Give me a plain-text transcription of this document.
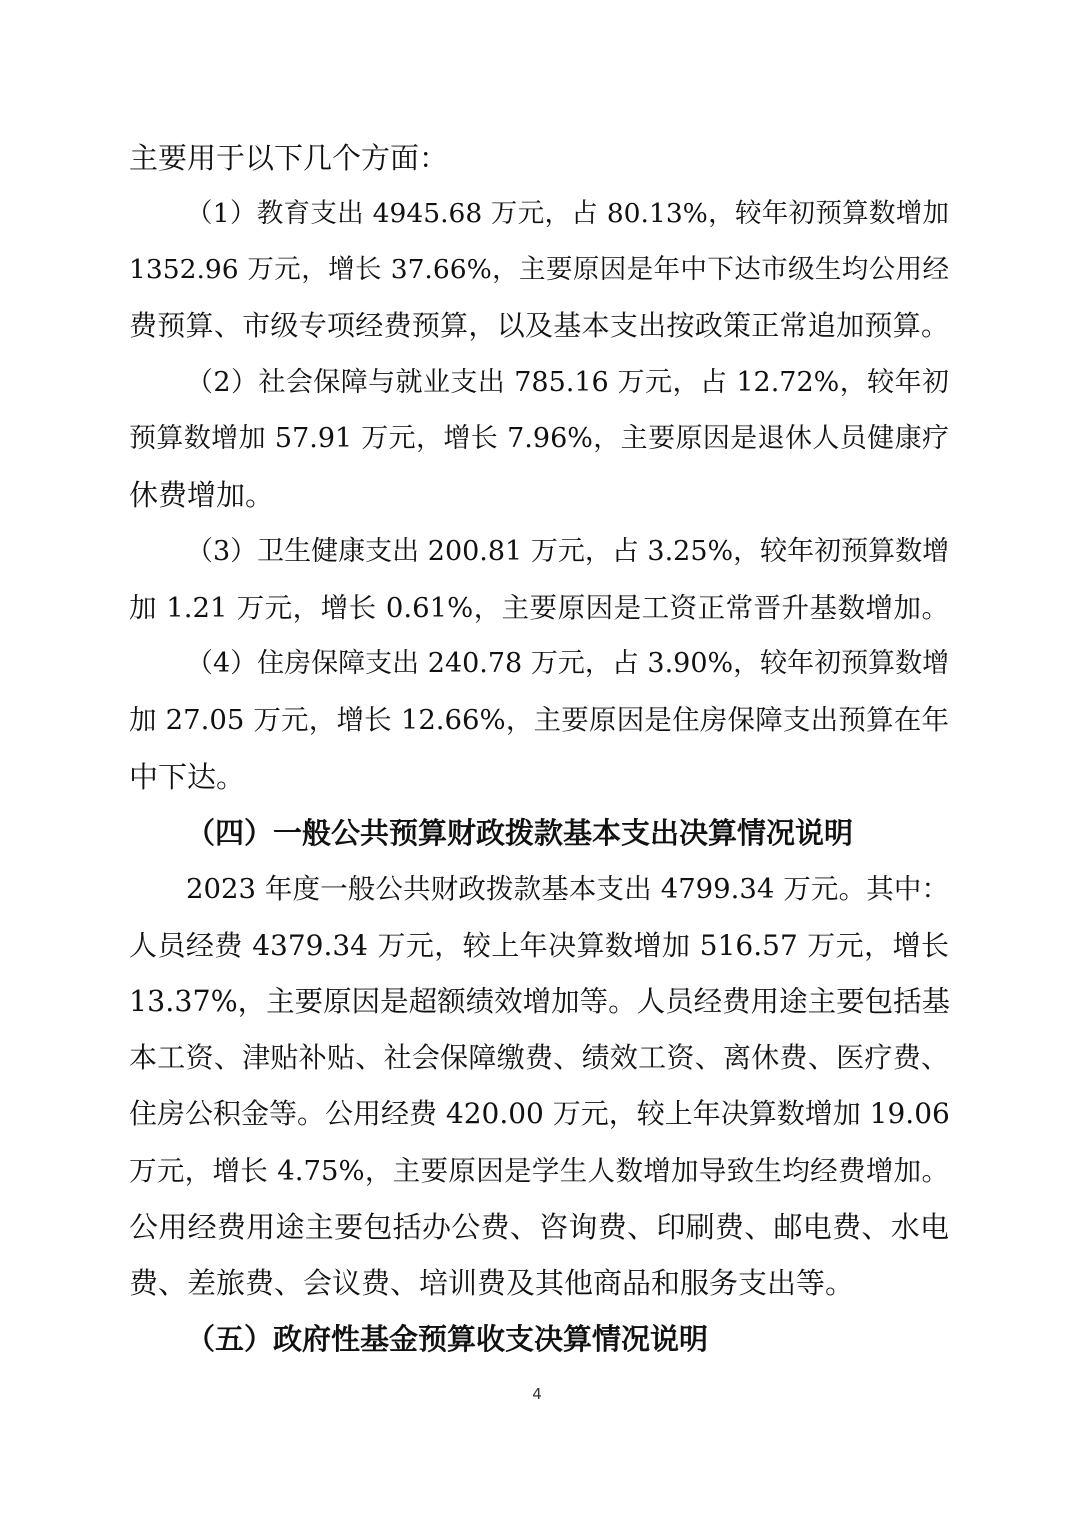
主要用于以下几个方面：
（1）教育支出 4945.68 万元，占 80.13%，较年初预算数增加
1352.96 万元，增长 37.66%，主要原因是年中下达市级生均公用经
费预算、市级专项经费预算，以及基本支出按政策正常追加预算。
（2）社会保障与就业支出 785.16 万元，占 12.72%，较年初
预算数增加 57.91 万元，增长 7.96%，主要原因是退休人员健康疗
休费增加。
（3）卫生健康支出 200.81 万元，占 3.25%，较年初预算数增
加 1.21 万元，增长 0.61%，主要原因是工资正常晋升基数增加。
（4）住房保障支出 240.78 万元，占 3.90%，较年初预算数增
加 27.05 万元，增长 12.66%，主要原因是住房保障支出预算在年
中下达。
（四）一般公共预算财政拨款基本支出决算情况说明
2023 年度一般公共财政拨款基本支出 4799.34 万元。其中：
人员经费 4379.34 万元，较上年决算数增加 516.57 万元，增长
13.37%，主要原因是超额绩效增加等。人员经费用途主要包括基
本工资、津贴补贴、社会保障缴费、绩效工资、离休费、医疗费、
住房公积金等。公用经费 420.00 万元，较上年决算数增加 19.06
万元，增长 4.75%，主要原因是学生人数增加导致生均经费增加。
公用经费用途主要包括办公费、咨询费、印刷费、邮电费、水电
费、差旅费、会议费、培训费及其他商品和服务支出等。
（五）政府性基金预算收支决算情况说明
4
